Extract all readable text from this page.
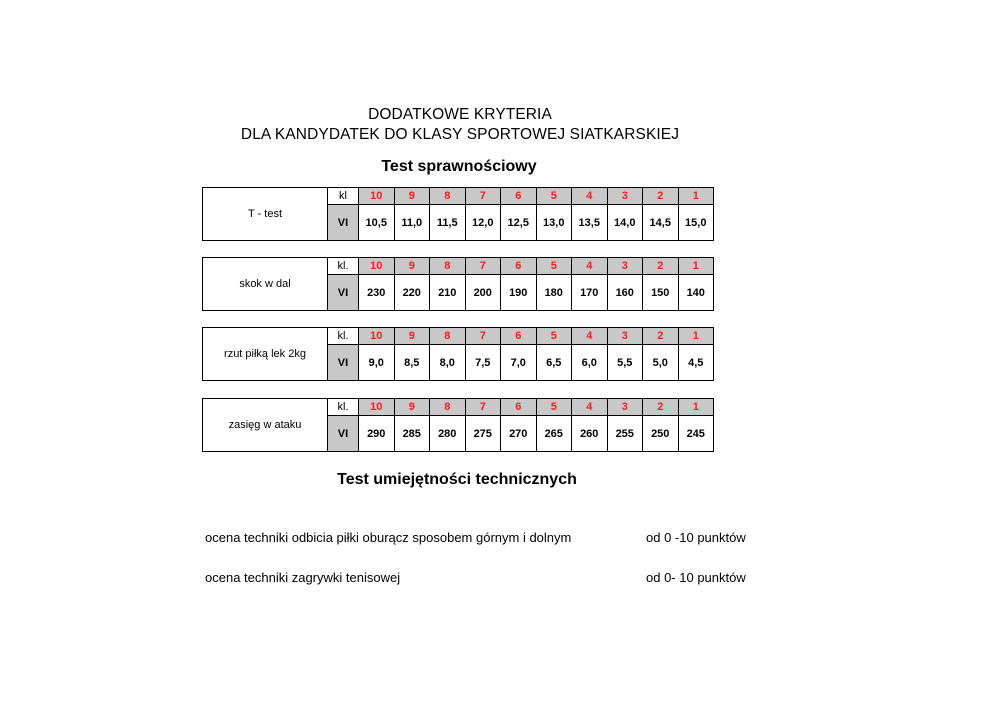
DODATKOWE KRYTERIA
DLA KANDYDATEK DO KLASY SPORTOWEJ SIATKARSKIEJ
Test sprawnościowy
T - test	kl	10	9	8	7	6	5	4	3	2	1
	VI	10,5	11,0	11,5	12,0	12,5	13,0	13,5	14,0	14,5	15,0
skok w dal	kl.	10	9	8	7	6	5	4	3	2	1
	VI	230	220	210	200	190	180	170	160	150	140
rzut piłką lek 2kg	kl.	10	9	8	7	6	5	4	3	2	1
	VI	9,0	8,5	8,0	7,5	7,0	6,5	6,0	5,5	5,0	4,5
zasięg w ataku	kl.	10	9	8	7	6	5	4	3	2	1
	VI	290	285	280	275	270	265	260	255	250	245
Test umiejętności technicznych
ocena techniki odbicia piłki oburącz sposobem górnym i dolnym	od 0 -10 punktów
ocena techniki zagrywki tenisowej	od 0- 10 punktów
